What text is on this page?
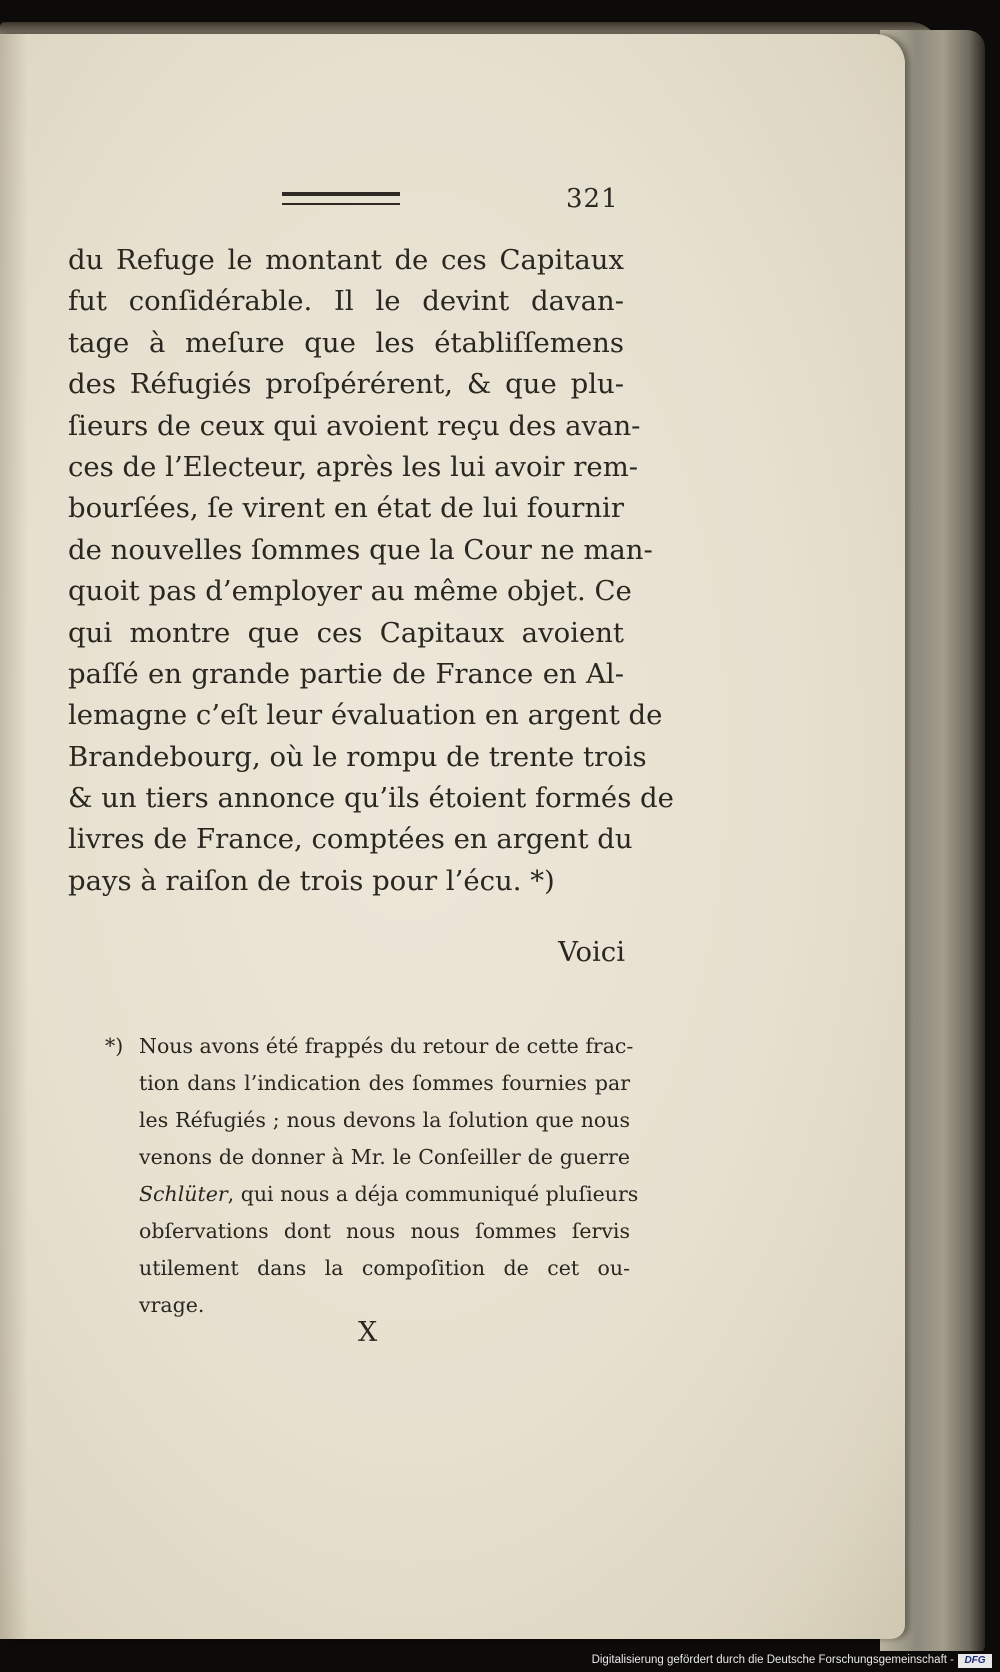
321
du Refuge le montant de ces Capitaux
fut conſidérable. Il le devint davan-
tage à meſure que les établiſſemens
des Réfugiés proſpérérent, & que plu-
ſieurs de ceux qui avoient reçu des avan-
ces de l’Electeur, après les lui avoir rem-
bourſées, ſe virent en état de lui fournir
de nouvelles ſommes que la Cour ne man-
quoit pas d’employer au même objet. Ce
qui montre que ces Capitaux avoient
paſſé en grande partie de France en Al-
lemagne c’eſt leur évaluation en argent de
Brandebourg, où le rompu de trente trois
& un tiers annonce qu’ils étoient formés de
livres de France, comptées en argent du
pays à raiſon de trois pour l’écu. *)
Voici
*) Nous avons été frappés du retour de cette frac-
tion dans l’indication des ſommes fournies par
les Réfugiés ; nous devons la ſolution que nous
venons de donner à Mr. le Conſeiller de guerre
Schlüter, qui nous a déja communiqué pluſieurs
obſervations dont nous nous ſommes ſervis
utilement dans la compoſition de cet ou-
vrage.
X
Digitalisierung gefördert durch die Deutsche Forschungsgemeinschaft -	DFG
